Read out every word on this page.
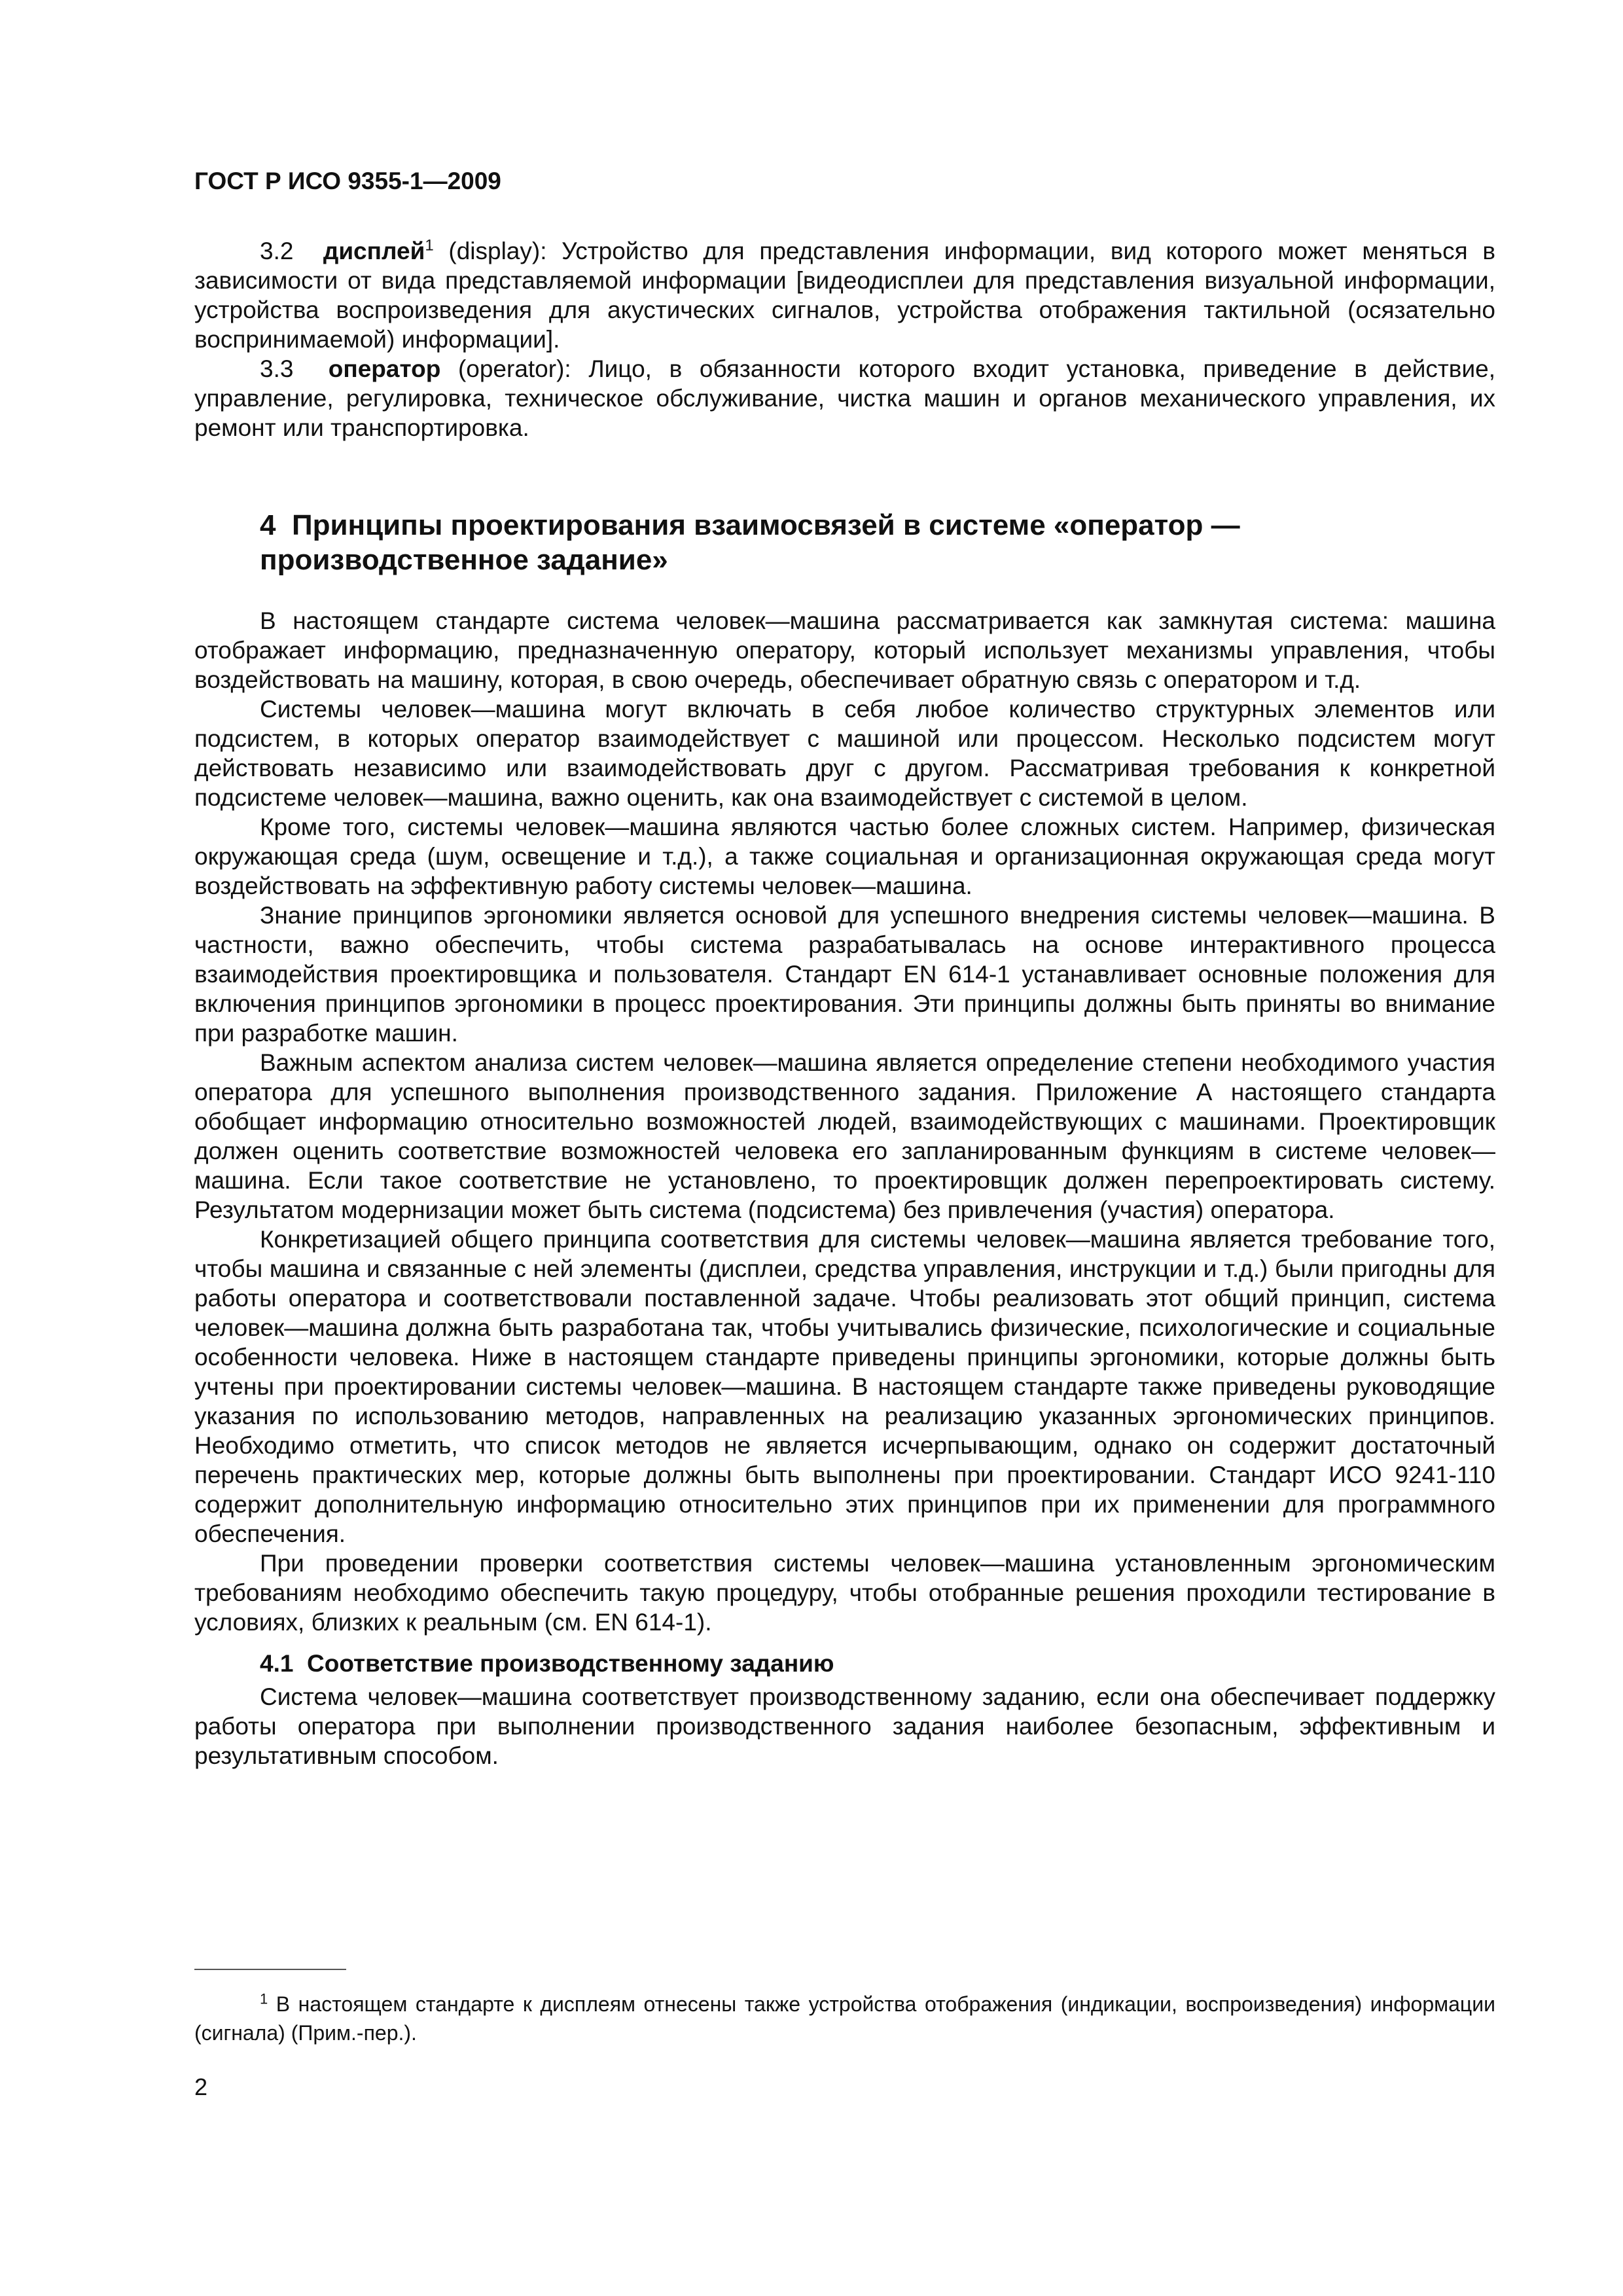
ГОСТ Р ИСО 9355-1—2009

3.2 дисплей$^1$ (display): Устройство для представления информации, вид которого может меняться в зависимости от вида представляемой информации [видеодисплеи для представления визуальной информации, устройства воспроизведения для акустических сигналов, устройства отображения тактильной (осязательно воспринимаемой) информации].

3.3 оператор (operator): Лицо, в обязанности которого входит установка, приведение в действие, управление, регулировка, техническое обслуживание, чистка машин и органов механического управления, их ремонт или транспортировка.

4 Принципы проектирования взаимосвязей в системе «оператор — производственное задание»

В настоящем стандарте система человек—машина рассматривается как замкнутая система: машина отображает информацию, предназначенную оператору, который использует механизмы управления, чтобы воздействовать на машину, которая, в свою очередь, обеспечивает обратную связь с оператором и т.д.

Системы человек—машина могут включать в себя любое количество структурных элементов или подсистем, в которых оператор взаимодействует с машиной или процессом. Несколько подсистем могут действовать независимо или взаимодействовать друг с другом. Рассматривая требования к конкретной подсистеме человек—машина, важно оценить, как она взаимодействует с системой в целом.

Кроме того, системы человек—машина являются частью более сложных систем. Например, физическая окружающая среда (шум, освещение и т.д.), а также социальная и организационная окружающая среда могут воздействовать на эффективную работу системы человек—машина.

Знание принципов эргономики является основой для успешного внедрения системы человек—машина. В частности, важно обеспечить, чтобы система разрабатывалась на основе интерактивного процесса взаимодействия проектировщика и пользователя. Стандарт EN 614-1 устанавливает основные положения для включения принципов эргономики в процесс проектирования. Эти принципы должны быть приняты во внимание при разработке машин.

Важным аспектом анализа систем человек—машина является определение степени необходимого участия оператора для успешного выполнения производственного задания. Приложение А настоящего стандарта обобщает информацию относительно возможностей людей, взаимодействующих с машинами. Проектировщик должен оценить соответствие возможностей человека его запланированным функциям в системе человек—машина. Если такое соответствие не установлено, то проектировщик должен перепроектировать систему. Результатом модернизации может быть система (подсистема) без привлечения (участия) оператора.

Конкретизацией общего принципа соответствия для системы человек—машина является требование того, чтобы машина и связанные с ней элементы (дисплеи, средства управления, инструкции и т.д.) были пригодны для работы оператора и соответствовали поставленной задаче. Чтобы реализовать этот общий принцип, система человек—машина должна быть разработана так, чтобы учитывались физические, психологические и социальные особенности человека. Ниже в настоящем стандарте приведены принципы эргономики, которые должны быть учтены при проектировании системы человек—машина. В настоящем стандарте также приведены руководящие указания по использованию методов, направленных на реализацию указанных эргономических принципов. Необходимо отметить, что список методов не является исчерпывающим, однако он содержит достаточный перечень практических мер, которые должны быть выполнены при проектировании. Стандарт ИСО 9241-110 содержит дополнительную информацию относительно этих принципов при их применении для программного обеспечения.

При проведении проверки соответствия системы человек—машина установленным эргономическим требованиям необходимо обеспечить такую процедуру, чтобы отобранные решения проходили тестирование в условиях, близких к реальным (см. EN 614-1).

4.1 Соответствие производственному заданию

Система человек—машина соответствует производственному заданию, если она обеспечивает поддержку работы оператора при выполнении производственного задания наиболее безопасным, эффективным и результативным способом.

$^1$ В настоящем стандарте к дисплеям отнесены также устройства отображения (индикации, воспроизведения) информации (сигнала) (Прим.-пер.).

2
